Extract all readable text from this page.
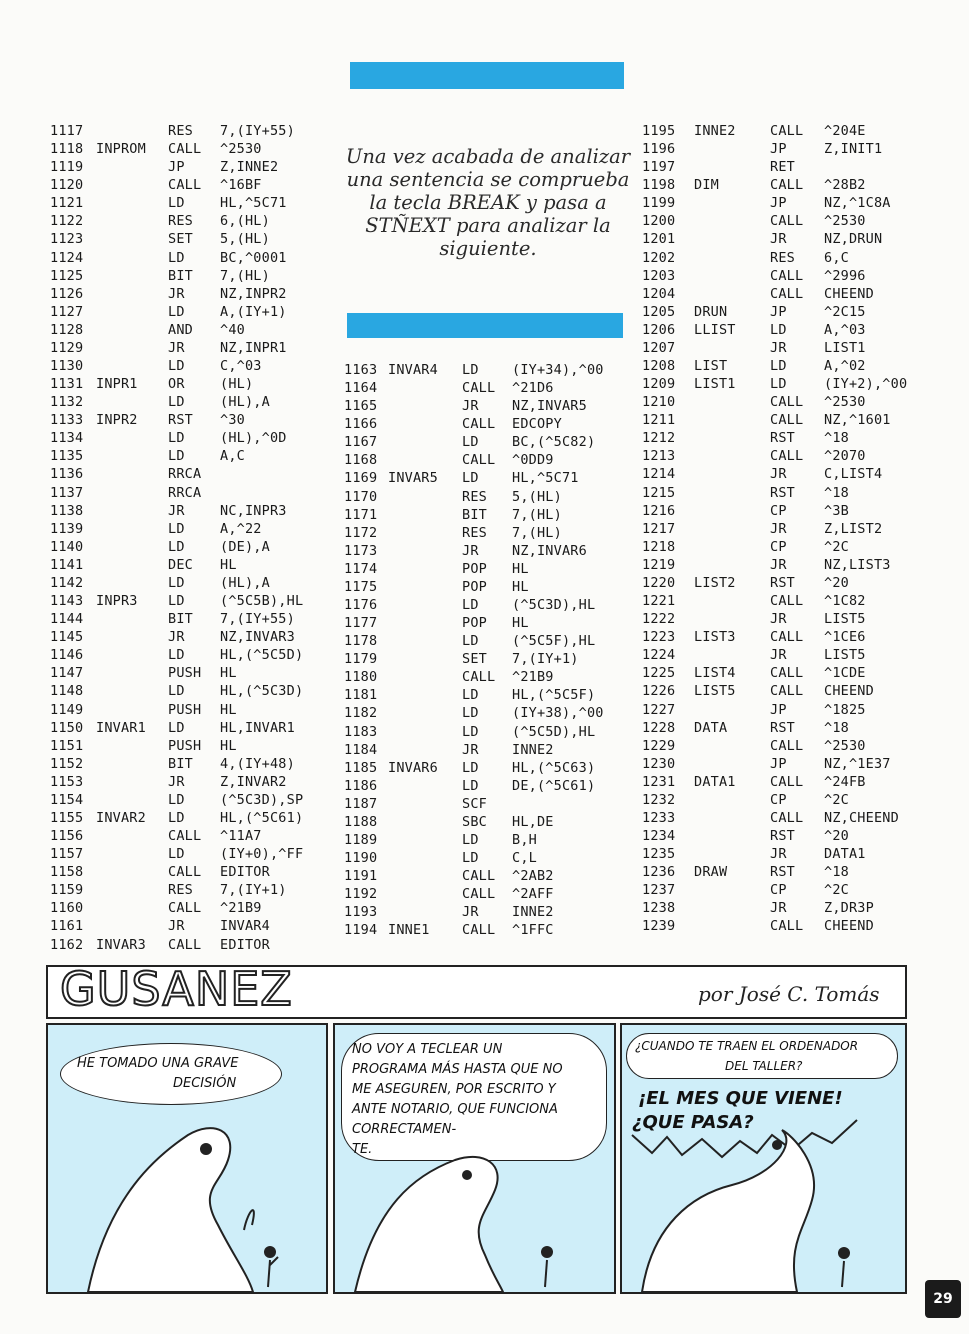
Una vez acabada de analizar una sentencia se comprueba la tecla BREAK y pasa a STÑEXT para analizar la siguiente.
1117	RES 7,(IY+55)
1118 INPROM CALL ^2530
1119	JP	Z,INNE2
1120	CALL ^16BF
1121	LD	HL,^5C71
1122	RES 6,(HL)
1123	SET 5,(HL)
1124	LD	BC,^0001
1125	BIT 7,(HL)
1126	JR	NZ,INPR2
1127	LD	A,(IY+1)
1128	AND ^40
1129	JR	NZ,INPR1
1130	LD	C,^03
1131 INPR1 OR	(HL)
1132	LD	(HL),A
1133 INPR2 RST ^30
1134	LD	(HL),^0D
1135	LD	A,C
1136	RRCA
1137	RRCA
1138	JR	NC,INPR3
1139	LD	A,^22
1140	LD	(DE),A
1141	DEC HL
1142	LD	(HL),A
1143 INPR3 LD	(^5C5B),HL
1144	BIT 7,(IY+55)
1145	JR	NZ,INVAR3
1146	LD	HL,(^5C5D)
1147	PUSH HL
1148	LD	HL,(^5C3D)
1149	PUSH HL
1150 INVAR1 LD	HL,INVAR1
1151	PUSH HL
1152	BIT 4,(IY+48)
1153	JR	Z,INVAR2
1154	LD	(^5C3D),SP
1155 INVAR2 LD	HL,(^5C61)
1156	CALL ^11A7
1157	LD	(IY+0),^FF
1158	CALL EDITOR
1159	RES 7,(IY+1)
1160	CALL ^21B9
1161	JR	INVAR4
1162 INVAR3 CALL EDITOR
1163 INVAR4 LD (IY+34),^00
1164	CALL ^21D6
1165	JR NZ,INVAR5
1166	CALL EDCOPY
1167	LD BC,(^5C82)
1168	CALL ^0DD9
1169 INVAR5 LD HL,^5C71
1170	RES 5,(HL)
1171	BIT 7,(HL)
1172	RES 7,(HL)
1173	JR NZ,INVAR6
1174	POP HL
1175	POP HL
1176	LD (^5C3D),HL
1177	POP HL
1178	LD (^5C5F),HL
1179	SET 7,(IY+1)
1180	CALL ^21B9
1181	LD HL,(^5C5F)
1182	LD (IY+38),^00
1183	LD (^5C5D),HL
1184	JR INNE2
1185 INVAR6 LD HL,(^5C63)
1186	LD DE,(^5C61)
1187	SCF
1188	SBC HL,DE
1189	LD B,H
1190	LD C,L
1191	CALL ^2AB2
1192	CALL ^2AFF
1193	JR INNE2
1194 INNE1 CALL ^1FFC
1195 INNE2	CALL ^204E
1196	JP	Z,INIT1
1197	RET
1198 DIM	CALL ^28B2
1199	JP	NZ,^1C8A
1200	CALL ^2530
1201	JR	NZ,DRUN
1202	RES 6,C
1203	CALL ^2996
1204	CALL CHEEND
1205 DRUN	JP	^2C15
1206 LLIST	LD	A,^03
1207	JR	LIST1
1208 LIST	LD	A,^02
1209 LIST1	LD	(IY+2),^00
1210	CALL ^2530
1211	CALL NZ,^1601
1212	RST ^18
1213	CALL ^2070
1214	JR	C,LIST4
1215	RST ^18
1216	CP	^3B
1217	JR	Z,LIST2
1218	CP	^2C
1219	JR	NZ,LIST3
1220 LIST2	RST ^20
1221	CALL ^1C82
1222	JR	LIST5
1223 LIST3	CALL ^1CE6
1224	JR	LIST5
1225 LIST4	CALL ^1CDE
1226 LIST5	CALL CHEEND
1227	JP	^1825
1228 DATA	RST ^18
1229	CALL ^2530
1230	JP	NZ,^1E37
1231 DATA1	CALL ^24FB
1232	CP	^2C
1233	CALL NZ,CHEEND
1234	RST ^20
1235	JR	DATA1
1236 DRAW	RST ^18
1237	CP	^2C
1238	JR	Z,DR3P
1239	CALL CHEEND
GUSANEZ	por José C. Tomás
HE TOMADO UNA GRAVE
DECISIÓN
NO VOY A TECLEAR UN
PROGRAMA MÁS HASTA QUE NO
ME ASEGUREN, POR ESCRITO Y
ANTE NOTARIO, QUE FUNCIONA
CORRECTAMEN-
TE.
¿CUANDO TE TRAEN EL ORDENADOR
DEL TALLER?
¡EL MES QUE VIENE!
¿QUE PASA?
29
